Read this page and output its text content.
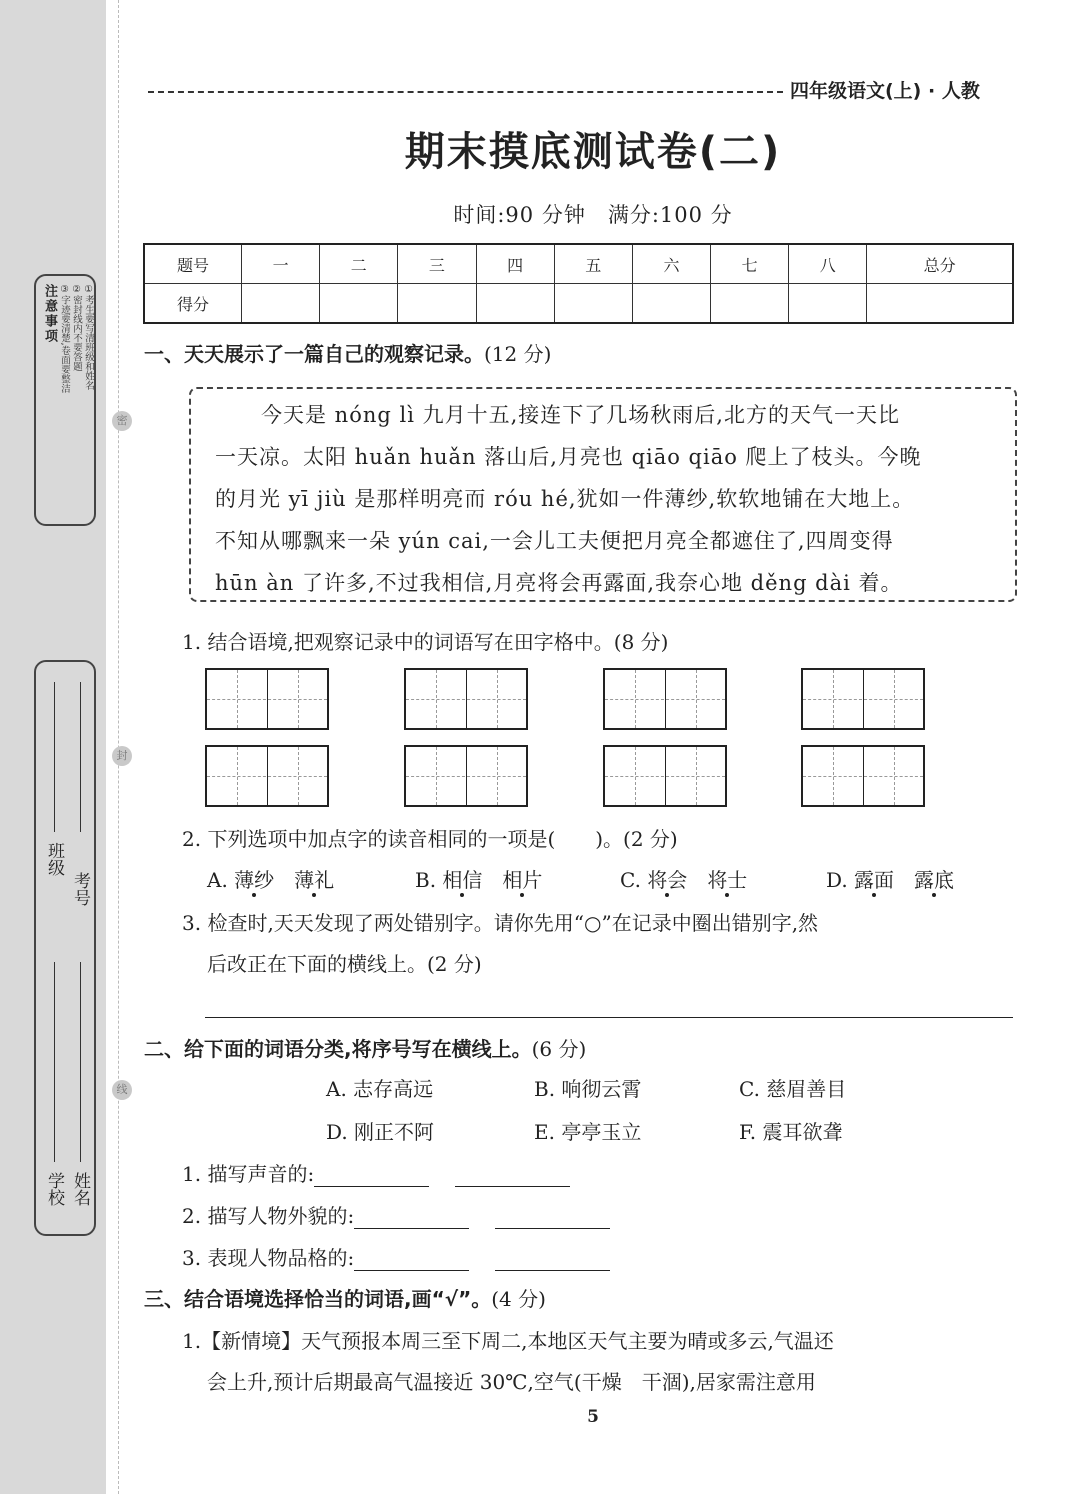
注意事项	①考生要写清班级和姓名
②密封线内不要答题
③字迹要清楚,卷面要整洁
密
封
线
班级
考号
学校 姓名
四年级语文(上) · 人教
期末摸底测试卷(二)
时间:90 分钟　满分:100 分
题号	一	二	三	四	五	六	七	八	总分
得分									
一、天天展示了一篇自己的观察记录。(12 分)
今天是 nóng lì 九月十五,接连下了几场秋雨后,北方的天气一天比
一天凉。太阳 huǎn huǎn 落山后,月亮也 qiāo qiāo 爬上了枝头。今晚
的月光 yī jiù 是那样明亮而 róu hé,犹如一件薄纱,软软地铺在大地上。
不知从哪飘来一朵 yún cai,一会儿工夫便把月亮全都遮住了,四周变得
hūn àn 了许多,不过我相信,月亮将会再露面,我奈心地 děng dài 着。
1. 结合语境,把观察记录中的词语写在田字格中。(8 分)
2. 下列选项中加点字的读音相同的一项是(　　)。(2 分)
A. 薄纱　 薄礼	B. 相信　 相片	C. 将会　 将士	D. 露面　 露底
3. 检查时,天天发现了两处错别字。请你先用“○”在记录中圈出错别字,然
后改正在下面的横线上。(2 分)
二、给下面的词语分类,将序号写在横线上。(6 分)
A. 志存高远	B. 响彻云霄	C. 慈眉善目
D. 刚正不阿	E. 亭亭玉立	F. 震耳欲聋
1. 描写声音的:
2. 描写人物外貌的:
3. 表现人物品格的:
三、结合语境选择恰当的词语,画“√”。(4 分)
1.【新情境】天气预报本周三至下周二,本地区天气主要为晴或多云,气温还
会上升,预计后期最高气温接近 30℃,空气(干燥　干涸),居家需注意用
5
